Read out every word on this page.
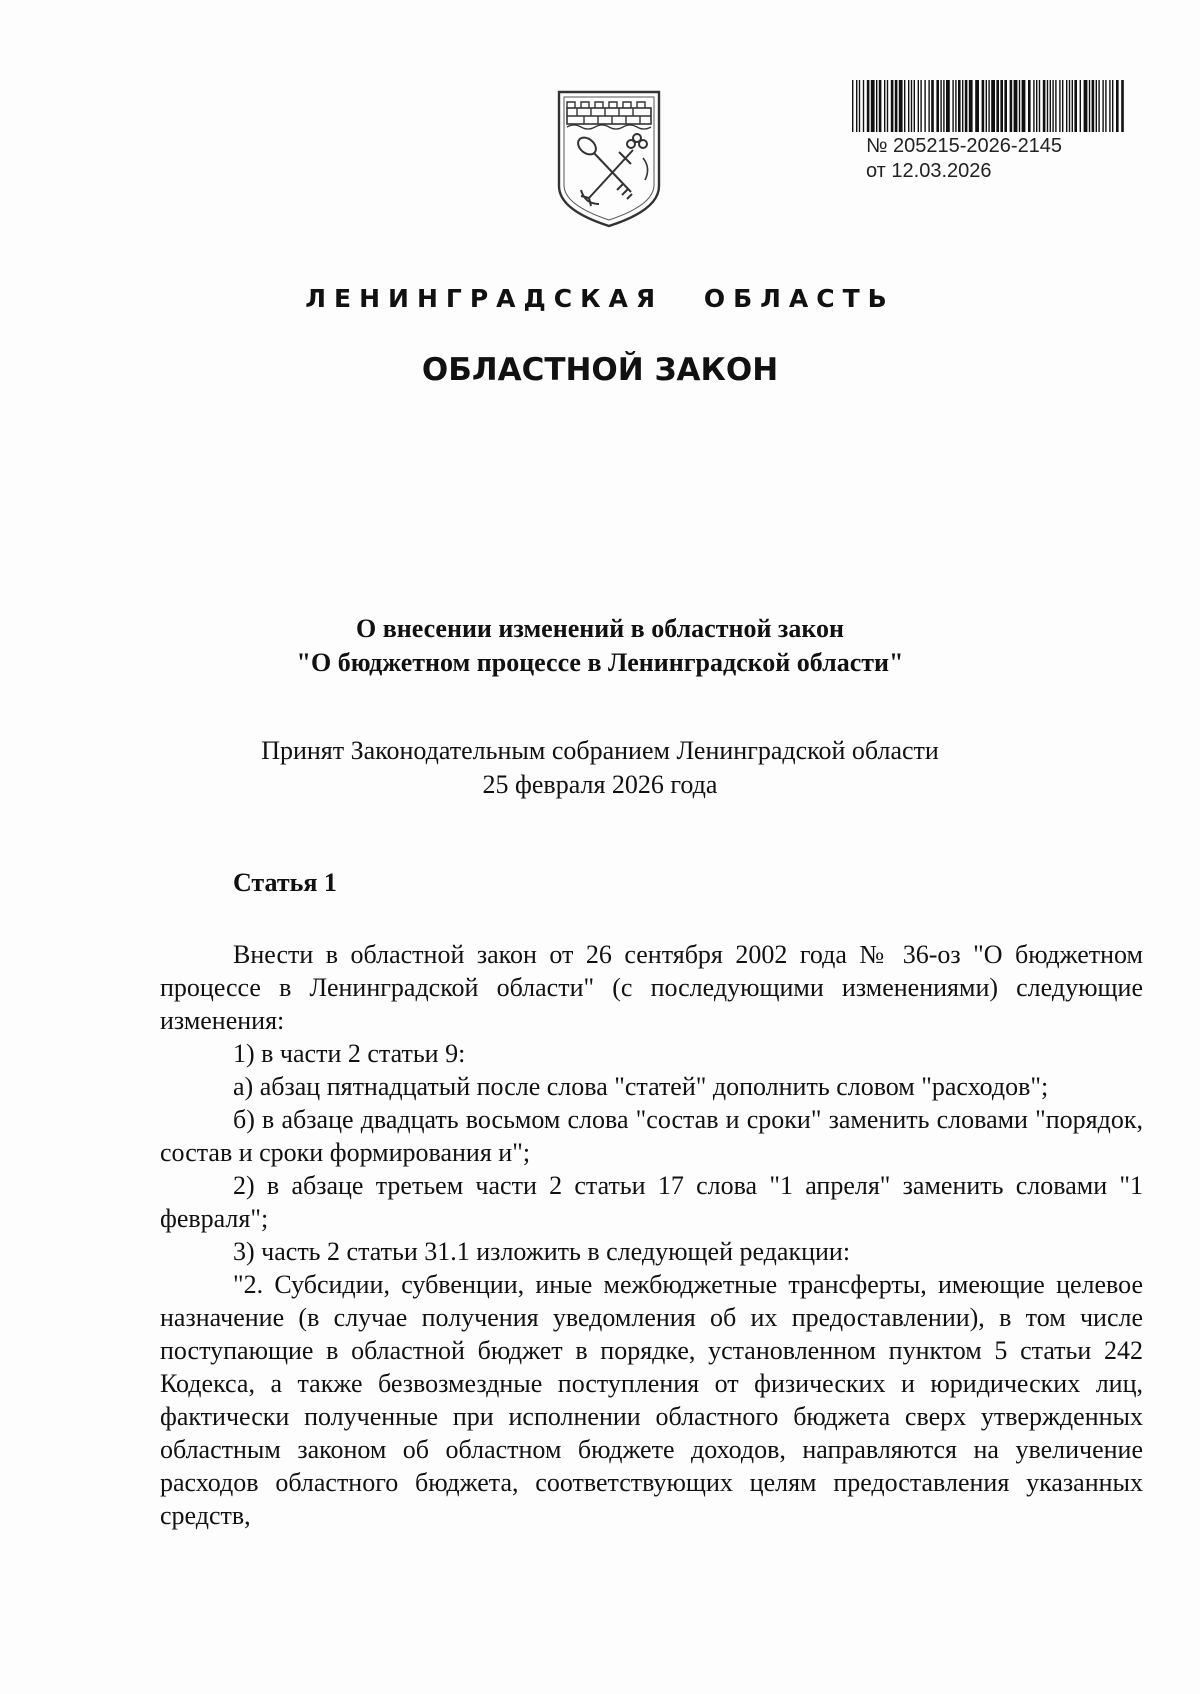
№ 205215-2026-2145
от 12.03.2026
ЛЕНИНГРАДСКАЯ ОБЛАСТЬ
ОБЛАСТНОЙ ЗАКОН
О внесении изменений в областной закон
"О бюджетном процессе в Ленинградской области"
Принят Законодательным собранием Ленинградской области
25 февраля 2026 года
Статья 1

Внести в областной закон от 26 сентября 2002 года № 36-оз "О бюджетном процессе в Ленинградской области" (с последующими изменениями) следующие изменения:

1) в части 2 статьи 9:

а) абзац пятнадцатый после слова "статей" дополнить словом "расходов";

б) в абзаце двадцать восьмом слова "состав и сроки" заменить словами "порядок, состав и сроки формирования и";

2) в абзаце третьем части 2 статьи 17 слова "1 апреля" заменить словами "1 февраля";

3) часть 2 статьи 31.1 изложить в следующей редакции:

"2. Субсидии, субвенции, иные межбюджетные трансферты, имеющие целевое назначение (в случае получения уведомления об их предоставлении), в том числе поступающие в областной бюджет в порядке, установленном пунктом 5 статьи 242 Кодекса, а также безвозмездные поступления от физических и юридических лиц, фактически полученные при исполнении областного бюджета сверх утвержденных областным законом об областном бюджете доходов, направляются на увеличение расходов областного бюджета, соответствующих целям предоставления указанных средств,
